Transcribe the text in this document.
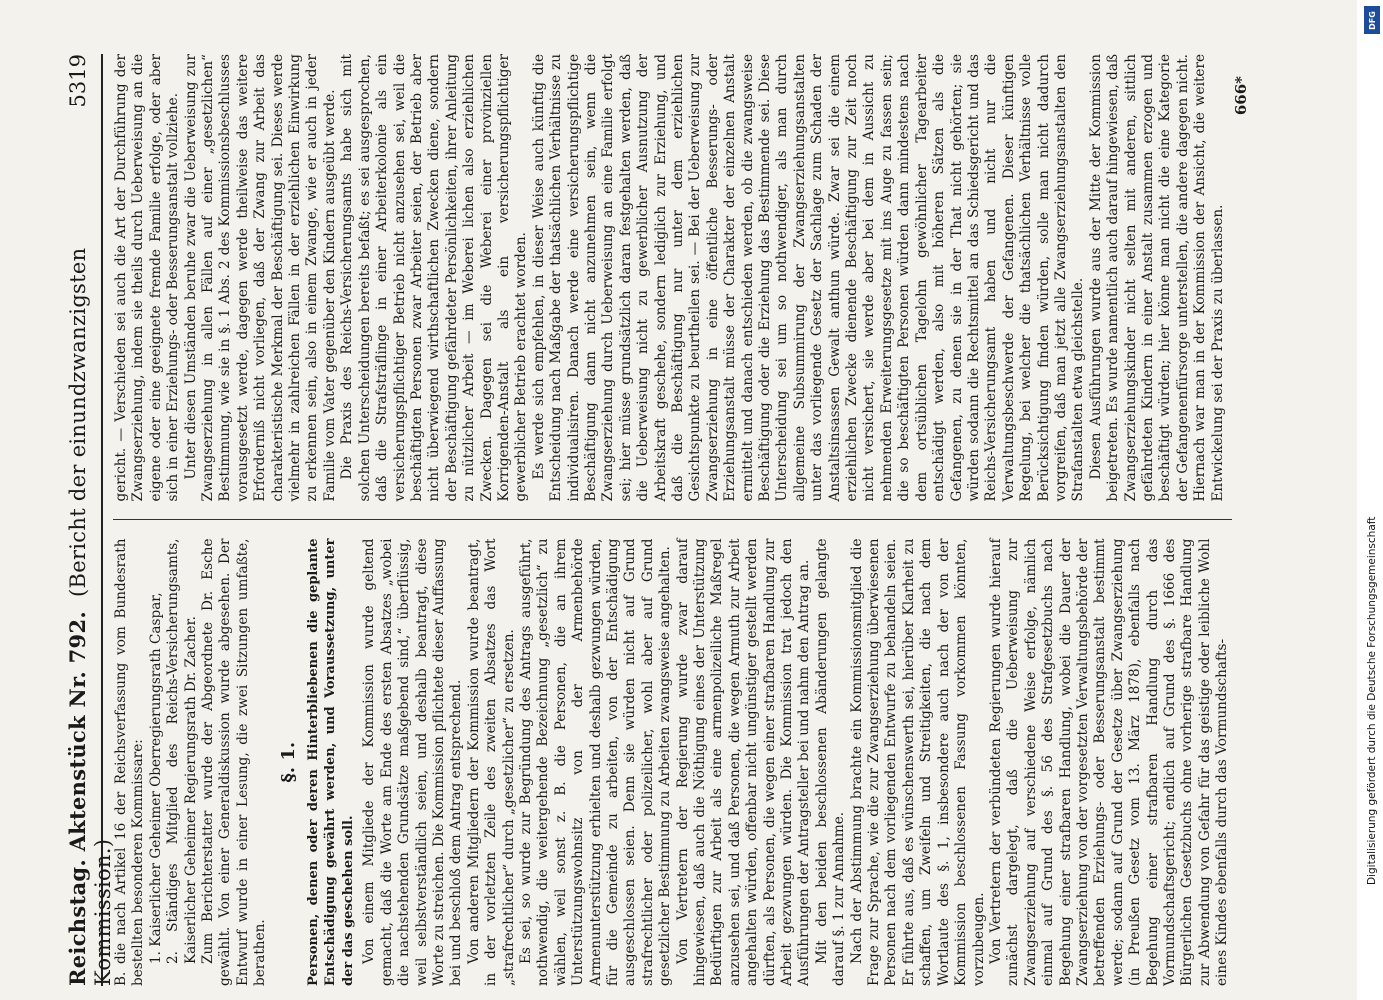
Reichstag. Aktenstück Nr. 792.(Bericht der einundzwanzigsten Kommission.)
5319

B. die nach Artikel 16 der Reichsverfassung vom Bundesrath bestellten besonderen Kommissare: 1. Kaiserlicher Geheimer Oberregierungsrath Caspar, 2. Ständiges Mitglied des Reichs-Versicherungsamts, Kaiserlicher Geheimer Regierungsrath Dr. Zacher. Zum Berichterstatter wurde der Abgeordnete Dr. Esche gewählt. Von einer Generaldiskussion wurde abgesehen. Der Entwurf wurde in einer Lesung, die zwei Sitzungen umfaßte, berathen.

§. 1. Personen, denen oder deren Hinterbliebenen die geplante Entschädigung gewährt werden, und Voraussetzung, unter der das geschehen soll. Von einem Mitgliede der Kommission wurde geltend gemacht, daß die Worte am Ende des ersten Absatzes „wobei die nachstehenden Grundsätze maßgebend sind,“ überflüssig, weil selbstverständlich seien, und deshalb beantragt, diese Worte zu streichen. Die Kommission pflichtete dieser Auffassung bei und beschloß dem Antrag entsprechend. Von anderen Mitgliedern der Kommission wurde beantragt, in der vorletzten Zeile des zweiten Absatzes das Wort „strafrechtlicher“ durch „gesetzlicher“ zu ersetzen. Es sei, so wurde zur Begründung des Antrags ausgeführt, nothwendig, die weitergehende Bezeichnung „gesetzlich“ zu wählen, weil sonst z. B. die Personen, die an ihrem Unterstützungswohnsitz von der Armenbehörde Armenunterstützung erhielten und deshalb gezwungen würden, für die Gemeinde zu arbeiten, von der Entschädigung ausgeschlossen seien. Denn sie würden nicht auf Grund strafrechtlicher oder polizeilicher, wohl aber auf Grund gesetzlicher Bestimmung zu Arbeiten zwangsweise angehalten. Von Vertretern der Regierung wurde zwar darauf hingewiesen, daß auch die Nöthigung eines der Unterstützung Bedürftigen zur Arbeit als eine armenpolizeiliche Maßregel anzusehen sei, und daß Personen, die wegen Armuth zur Arbeit angehalten würden, offenbar nicht ungünstiger gestellt werden dürften, als Personen, die wegen einer strafbaren Handlung zur Arbeit gezwungen würden. Die Kommission trat jedoch den Ausführungen der Antragsteller bei und nahm den Antrag an. Mit den beiden beschlossenen Abänderungen gelangte darauf §. 1 zur Annahme. Nach der Abstimmung brachte ein Kommissionsmitglied die Frage zur Sprache, wie die zur Zwangserziehung überwiesenen Personen nach dem vorliegenden Entwurfe zu behandeln seien. Er führte aus, daß es wünschenswerth sei, hierüber Klarheit zu schaffen, um Zweifeln und Streitigkeiten, die nach dem Wortlaute des §. 1, insbesondere auch nach der von der Kommission beschlossenen Fassung vorkommen könnten, vorzubeugen. Von Vertretern der verbündeten Regierungen wurde hierauf zunächst dargelegt, daß die Ueberweisung zur Zwangserziehung auf verschiedene Weise erfolge, nämlich einmal auf Grund des §. 56 des Strafgesetzbuchs nach Begehung einer strafbaren Handlung, wobei die Dauer der Zwangserziehung von der vorgesetzten Verwaltungsbehörde der betreffenden Erziehungs- oder Besserungsanstalt bestimmt werde; sodann auf Grund der Gesetze über Zwangserziehung (in Preußen Gesetz vom 13. März 1878), ebenfalls nach Begehung einer strafbaren Handlung durch das Vormundschaftsgericht; endlich auf Grund des §. 1666 des Bürgerlichen Gesetzbuchs ohne vorherige strafbare Handlung zur Abwendung von Gefahr für das geistige oder leibliche Wohl eines Kindes ebenfalls durch das Vormundschafts-

gericht. — Verschieden sei auch die Art der Durchführung der Zwangserziehung, indem sie theils durch Ueberweisung an die eigene oder eine geeignete fremde Familie erfolge, oder aber sich in einer Erziehungs- oder Besserungsanstalt vollziehe. Unter diesen Umständen beruhe zwar die Ueberweisung zur Zwangserziehung in allen Fällen auf einer „gesetzlichen“ Bestimmung, wie sie in §. 1 Abs. 2 des Kommissionsbeschlusses vorausgesetzt werde, dagegen werde theilweise das weitere Erforderniß nicht vorliegen, daß der Zwang zur Arbeit das charakteristische Merkmal der Beschäftigung sei. Dieses werde vielmehr in zahlreichen Fällen in der erziehlichen Einwirkung zu erkennen sein, also in einem Zwange, wie er auch in jeder Familie vom Vater gegenüber den Kindern ausgeübt werde. Die Praxis des Reichs-Versicherungsamts habe sich mit solchen Unterscheidungen bereits befaßt; es sei ausgesprochen, daß die Strafsträflinge in einer Arbeiterkolonie als ein versicherungspflichtiger Betrieb nicht anzusehen sei, weil die beschäftigten Personen zwar Arbeiter seien, der Betrieb aber nicht überwiegend wirthschaftlichen Zwecken diene, sondern der Beschäftigung gefährdeter Persönlichkeiten, ihrer Anleitung zu nützlicher Arbeit — im Weberei lichen also erziehlichen Zwecken. Dagegen sei die Weberei einer provinziellen Korrigenden-Anstalt als ein versicherungspflichtiger gewerblicher Betrieb erachtet worden. Es werde sich empfehlen, in dieser Weise auch künftig die Entscheidung nach Maßgabe der thatsächlichen Verhältnisse zu individualisiren. Danach werde eine versicherungspflichtige Beschäftigung dann nicht anzunehmen sein, wenn die Zwangserziehung durch Ueberweisung an eine Familie erfolgt sei; hier müsse grundsätzlich daran festgehalten werden, daß die Ueberweisung nicht zu gewerblicher Ausnutzung der Arbeitskraft geschehe, sondern lediglich zur Erziehung, und daß die Beschäftigung nur unter dem erziehlichen Gesichtspunkte zu beurtheilen sei. — Bei der Ueberweisung zur Zwangserziehung in eine öffentliche Besserungs- oder Erziehungsanstalt müsse der Charakter der einzelnen Anstalt ermittelt und danach entschieden werden, ob die zwangsweise Beschäftigung oder die Erziehung das Bestimmende sei. Diese Unterscheidung sei um so nothwendiger, als man durch allgemeine Subsummirung der Zwangserziehungsanstalten unter das vorliegende Gesetz der Sachlage zum Schaden der Anstaltsinsassen Gewalt anthun würde. Zwar sei die einem erziehlichen Zwecke dienende Beschäftigung zur Zeit noch nicht versichert, sie werde aber bei dem in Aussicht zu nehmenden Erweiterungsgesetze mit ins Auge zu fassen sein; die so beschäftigten Personen würden dann mindestens nach dem ortsüblichen Tagelohn gewöhnlicher Tagearbeiter entschädigt werden, also mit höheren Sätzen als die Gefangenen, zu denen sie in der That nicht gehörten; sie würden sodann die Rechtsmittel an das Schiedsgericht und das Reichs-Versicherungsamt haben und nicht nur die Verwaltungsbeschwerde der Gefangenen. Dieser künftigen Regelung, bei welcher die thatsächlichen Verhältnisse volle Berücksichtigung finden würden, solle man nicht dadurch vorgreifen, daß man jetzt alle Zwangserziehungsanstalten den Strafanstalten etwa gleichstelle. Diesen Ausführungen wurde aus der Mitte der Kommission beigetreten. Es wurde namentlich auch darauf hingewiesen, daß Zwangserziehungskinder nicht selten mit anderen, sittlich gefährdeten Kindern in einer Anstalt zusammen erzogen und beschäftigt würden; hier könne man nicht die eine Kategorie der Gefangenenfürsorge unterstellen, die andere dagegen nicht. Hiernach war man in der Kommission der Ansicht, die weitere Entwickelung sei der Praxis zu überlassen.

666*
DFG
Digitalisierung gefördert durch die Deutsche Forschungsgemeinschaft
